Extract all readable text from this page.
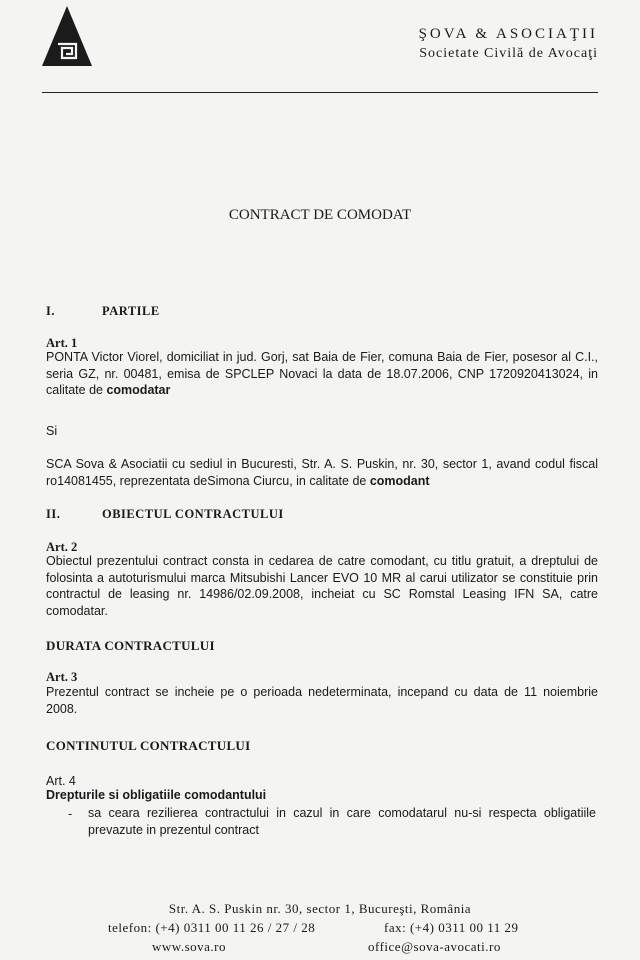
ŞOVA & ASOCIAŢII
Societate Civilă de Avocaţi
CONTRACT DE COMODAT
I.	PARTILE
Art. 1
PONTA Victor Viorel, domiciliat in jud. Gorj, sat Baia de Fier, comuna Baia de Fier, posesor al C.I., seria GZ, nr. 00481, emisa de SPCLEP Novaci la data de 18.07.2006, CNP 1720920413024, in calitate de comodatar
Si
SCA Sova & Asociatii cu sediul in Bucuresti, Str. A. S. Puskin, nr. 30, sector 1, avand codul fiscal ro14081455, reprezentata deSimona Ciurcu, in calitate de comodant
II.	OBIECTUL CONTRACTULUI
Art. 2
Obiectul prezentului contract consta in cedarea de catre comodant, cu titlu gratuit, a dreptului de folosinta a autoturismului marca Mitsubishi Lancer EVO 10 MR al carui utilizator se constituie prin contractul de leasing nr. 14986/02.09.2008, incheiat cu SC Romstal Leasing IFN SA, catre comodatar.
DURATA CONTRACTULUI
Art. 3
Prezentul contract se incheie pe o perioada nedeterminata, incepand cu data de 11 noiembrie 2008.
CONTINUTUL CONTRACTULUI
Art. 4
Drepturile si obligatiile comodantului
- sa ceara rezilierea contractului in cazul in care comodatarul nu-si respecta obligatiile prevazute in prezentul contract
Str. A. S. Puskin nr. 30, sector 1, Bucureşti, România
telefon: (+4) 0311 00 11 26 / 27 / 28	fax: (+4) 0311 00 11 29
www.sova.ro	office@sova-avocati.ro
